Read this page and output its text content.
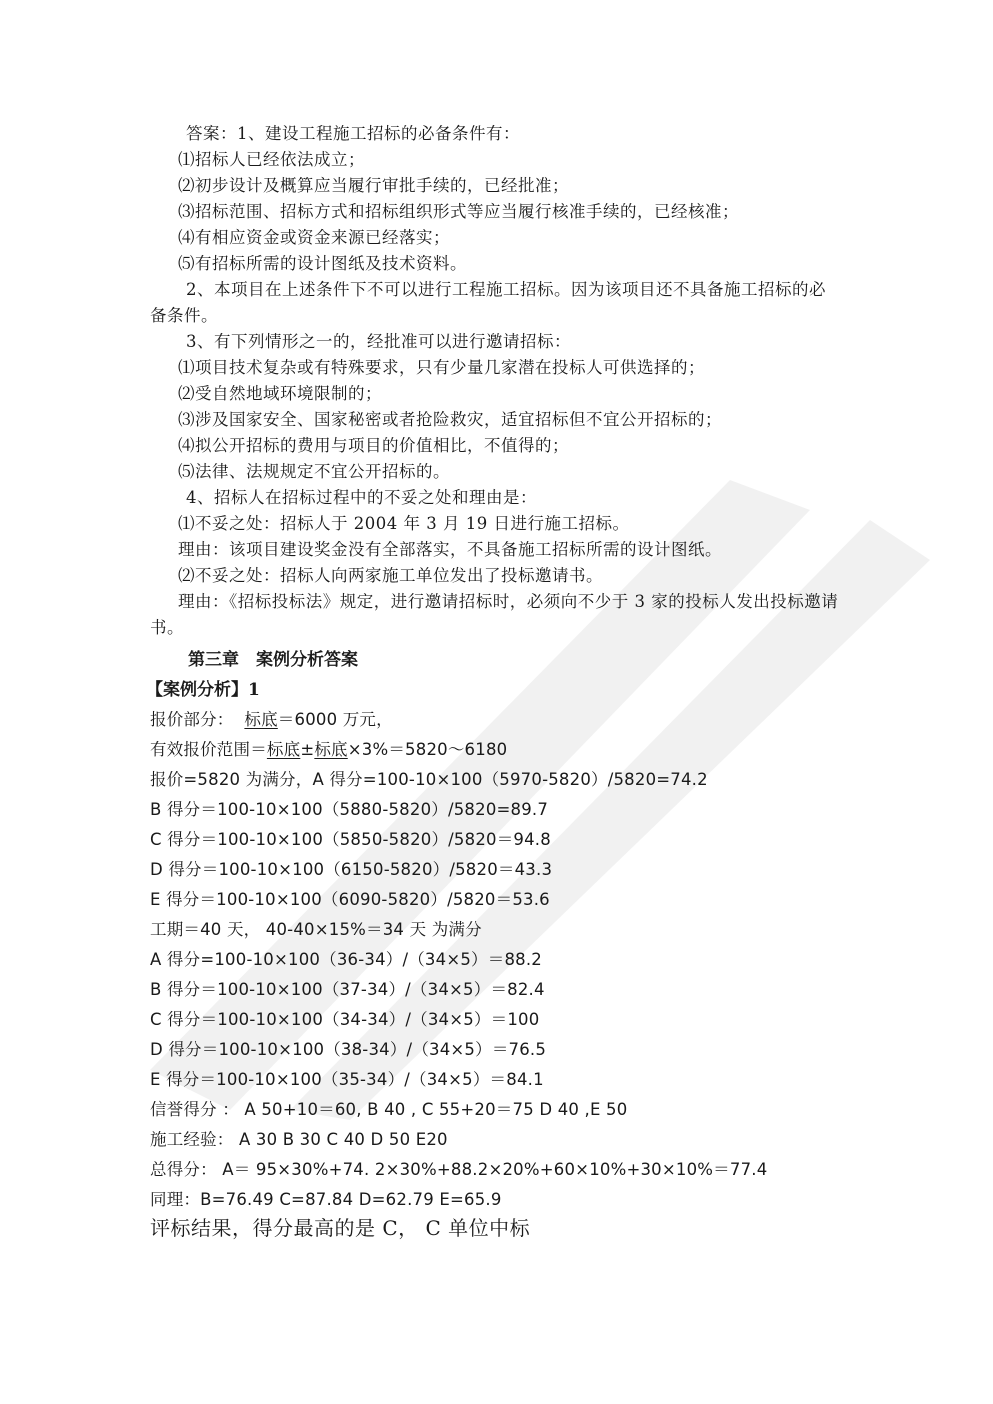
答案：1、建设工程施工招标的必备条件有：
⑴招标人已经依法成立；
⑵初步设计及概算应当履行审批手续的，已经批准；
⑶招标范围、招标方式和招标组织形式等应当履行核准手续的，已经核准；
⑷有相应资金或资金来源已经落实；
⑸有招标所需的设计图纸及技术资料。
2、本项目在上述条件下不可以进行工程施工招标。因为该项目还不具备施工招标的必
备条件。
3、有下列情形之一的，经批准可以进行邀请招标：
⑴项目技术复杂或有特殊要求，只有少量几家潜在投标人可供选择的；
⑵受自然地域环境限制的；
⑶涉及国家安全、国家秘密或者抢险救灾，适宜招标但不宜公开招标的；
⑷拟公开招标的费用与项目的价值相比，不值得的；
⑸法律、法规规定不宜公开招标的。
4、招标人在招标过程中的不妥之处和理由是：
⑴不妥之处：招标人于 2004 年 3 月 19 日进行施工招标。
理由：该项目建设奖金没有全部落实，不具备施工招标所需的设计图纸。
⑵不妥之处：招标人向两家施工单位发出了投标邀请书。
理由：《招标投标法》规定，进行邀请招标时，必须向不少于 3 家的投标人发出投标邀请
书。
第三章　案例分析答案
【案例分析】1
报价部分： 标底＝6000 万元，
有效报价范围＝标底±标底×3%＝5820～6180
报价=5820 为满分，A 得分=100-10×100（5970-5820）/5820=74.2
B 得分＝100-10×100（5880-5820）/5820=89.7
C 得分＝100-10×100（5850-5820）/5820＝94.8
D 得分＝100-10×100（6150-5820）/5820＝43.3
E 得分＝100-10×100（6090-5820）/5820＝53.6
工期＝40 天， 40-40×15%＝34 天 为满分
A 得分=100-10×100（36-34）/（34×5）＝88.2
B 得分＝100-10×100（37-34）/（34×5）＝82.4
C 得分＝100-10×100（34-34）/（34×5）＝100
D 得分＝100-10×100（38-34）/（34×5）＝76.5
E 得分＝100-10×100（35-34）/（34×5）＝84.1
信誉得分 ： A 50+10＝60, B 40 , C 55+20＝75 D 40 ,E 50
施工经验： A 30 B 30 C 40 D 50 E20
总得分： A＝ 95×30%+74. 2×30%+88.2×20%+60×10%+30×10%＝77.4
同理：B=76.49 C=87.84 D=62.79 E=65.9
评标结果，得分最高的是 C， C 单位中标
